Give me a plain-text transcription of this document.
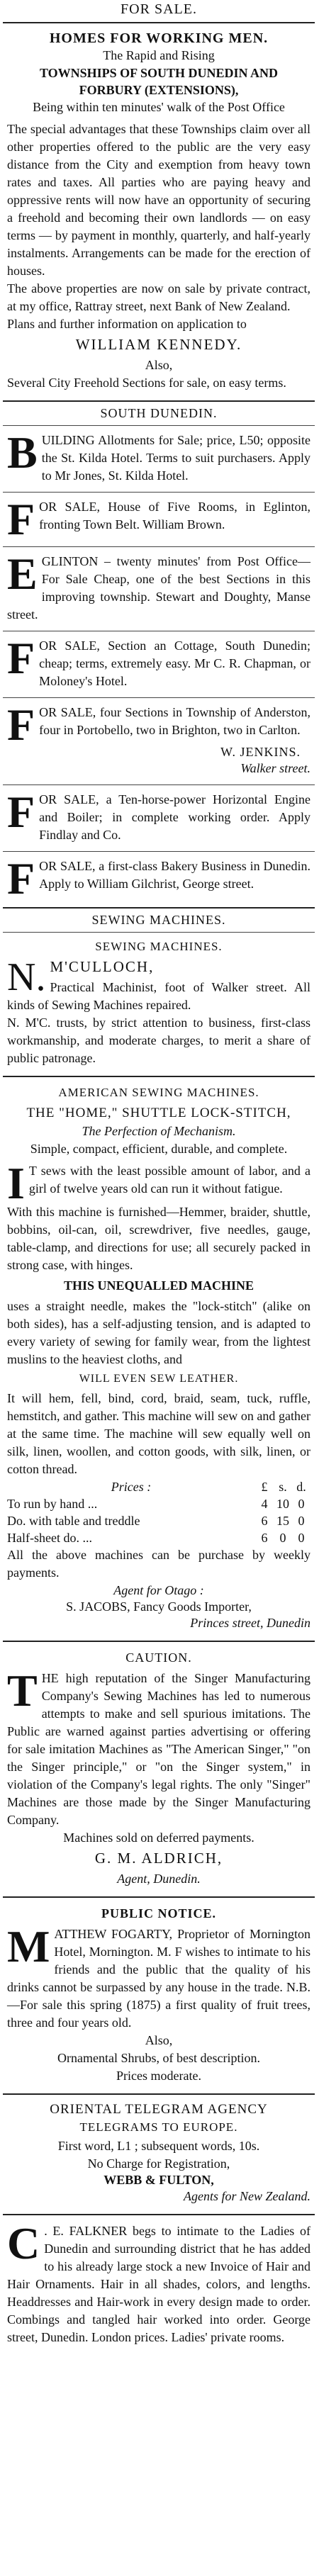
FOR SALE.
HOMES FOR WORKING MEN.
The Rapid and Rising
TOWNSHIPS OF SOUTH DUNEDIN AND FORBURY (EXTENSIONS),
Being within ten minutes' walk of the Post Office
The special advantages that these Townships claim over all other properties offered to the public are the very easy distance from the City and exemption from heavy town rates and taxes. All parties who are paying heavy and oppressive rents will now have an opportunity of securing a freehold and becoming their own landlords — on easy terms — by payment in monthly, quarterly, and half-yearly instalments. Arrangements can be made for the erection of houses.
The above properties are now on sale by private contract, at my office, Rattray street, next Bank of New Zealand.
Plans and further information on application to
WILLIAM KENNEDY.
Also,
Several City Freehold Sections for sale, on easy terms.
SOUTH DUNEDIN.
B UILDING Allotments for Sale; price, L50; opposite the St. Kilda Hotel. Terms to suit purchasers. Apply to Mr Jones, St. Kilda Hotel.
F OR SALE, House of Five Rooms, in Eglinton, fronting Town Belt. William Brown.
E GLINTON – twenty minutes' from Post Office—For Sale Cheap, one of the best Sections in this improving township. Stewart and Doughty, Manse street.
F OR SALE, Section an Cottage, South Dunedin; cheap; terms, extremely easy. Mr C. R. Chapman, or Moloney's Hotel.
F OR SALE, four Sections in Township of Anderston, four in Portobello, two in Brighton, two in Carlton.
W. JENKINS.
Walker street.
F OR SALE, a Ten-horse-power Horizontal Engine and Boiler; in complete working order. Apply Findlay and Co.
F OR SALE, a first-class Bakery Business in Dunedin. Apply to William Gilchrist, George street.
SEWING MACHINES.
SEWING MACHINES.
N. M'CULLOCH,
Practical Machinist, foot of Walker street. All kinds of Sewing Machines repaired.
N. M'C. trusts, by strict attention to business, first-class workmanship, and moderate charges, to merit a share of public patronage.
AMERICAN SEWING MACHINES.
THE "HOME," SHUTTLE LOCK-STITCH,
The Perfection of Mechanism.
Simple, compact, efficient, durable, and complete.
I T sews with the least possible amount of labor, and a girl of twelve years old can run it without fatigue.
With this machine is furnished—Hemmer, braider, shuttle, bobbins, oil-can, oil, screwdriver, five needles, gauge, table-clamp, and directions for use; all securely packed in strong case, with hinges.
THIS UNEQUALLED MACHINE
uses a straight needle, makes the "lock-stitch" (alike on both sides), has a self-adjusting tension, and is adapted to every variety of sewing for family wear, from the lightest muslins to the heaviest cloths, and
WILL EVEN SEW LEATHER.
It will hem, fell, bind, cord, braid, seam, tuck, ruffle, hemstitch, and gather. This machine will sew on and gather at the same time. The machine will sew equally well on silk, linen, woollen, and cotton goods, with silk, linen, or cotton thread.
Prices :	£	s.	d.
To run by hand ...	4	10	0
Do. with table and treddle	6	15	0
Half-sheet do. ...	6	0	0
All the above machines can be purchase by weekly payments.
Agent for Otago :
S. JACOBS, Fancy Goods Importer,
Princes street, Dunedin
CAUTION.
T HE high reputation of the Singer Manufacturing Company's Sewing Machines has led to numerous attempts to make and sell spurious imitations. The Public are warned against parties advertising or offering for sale imitation Machines as "The American Singer," "on the Singer principle," or "on the Singer system," in violation of the Company's legal rights. The only "Singer" Machines are those made by the Singer Manufacturing Company.
Machines sold on deferred payments.
G. M. ALDRICH,
Agent, Dunedin.
PUBLIC NOTICE.
M ATTHEW FOGARTY, Proprietor of Mornington Hotel, Mornington. M. F wishes to intimate to his friends and the public that the quality of his drinks cannot be surpassed by any house in the trade. N.B.—For sale this spring (1875) a first quality of fruit trees, three and four years old.
Also,
Ornamental Shrubs, of best description.
Prices moderate.
ORIENTAL TELEGRAM AGENCY
TELEGRAMS TO EUROPE.
First word, L1 ; subsequent words, 10s.
No Charge for Registration,
WEBB & FULTON,
Agents for New Zealand.
C . E. FALKNER begs to intimate to the Ladies of Dunedin and surrounding district that he has added to his already large stock a new Invoice of Hair and Hair Ornaments. Hair in all shades, colors, and lengths. Headdresses and Hair-work in every design made to order. Combings and tangled hair worked into order. George street, Dunedin. London prices. Ladies' private rooms.
